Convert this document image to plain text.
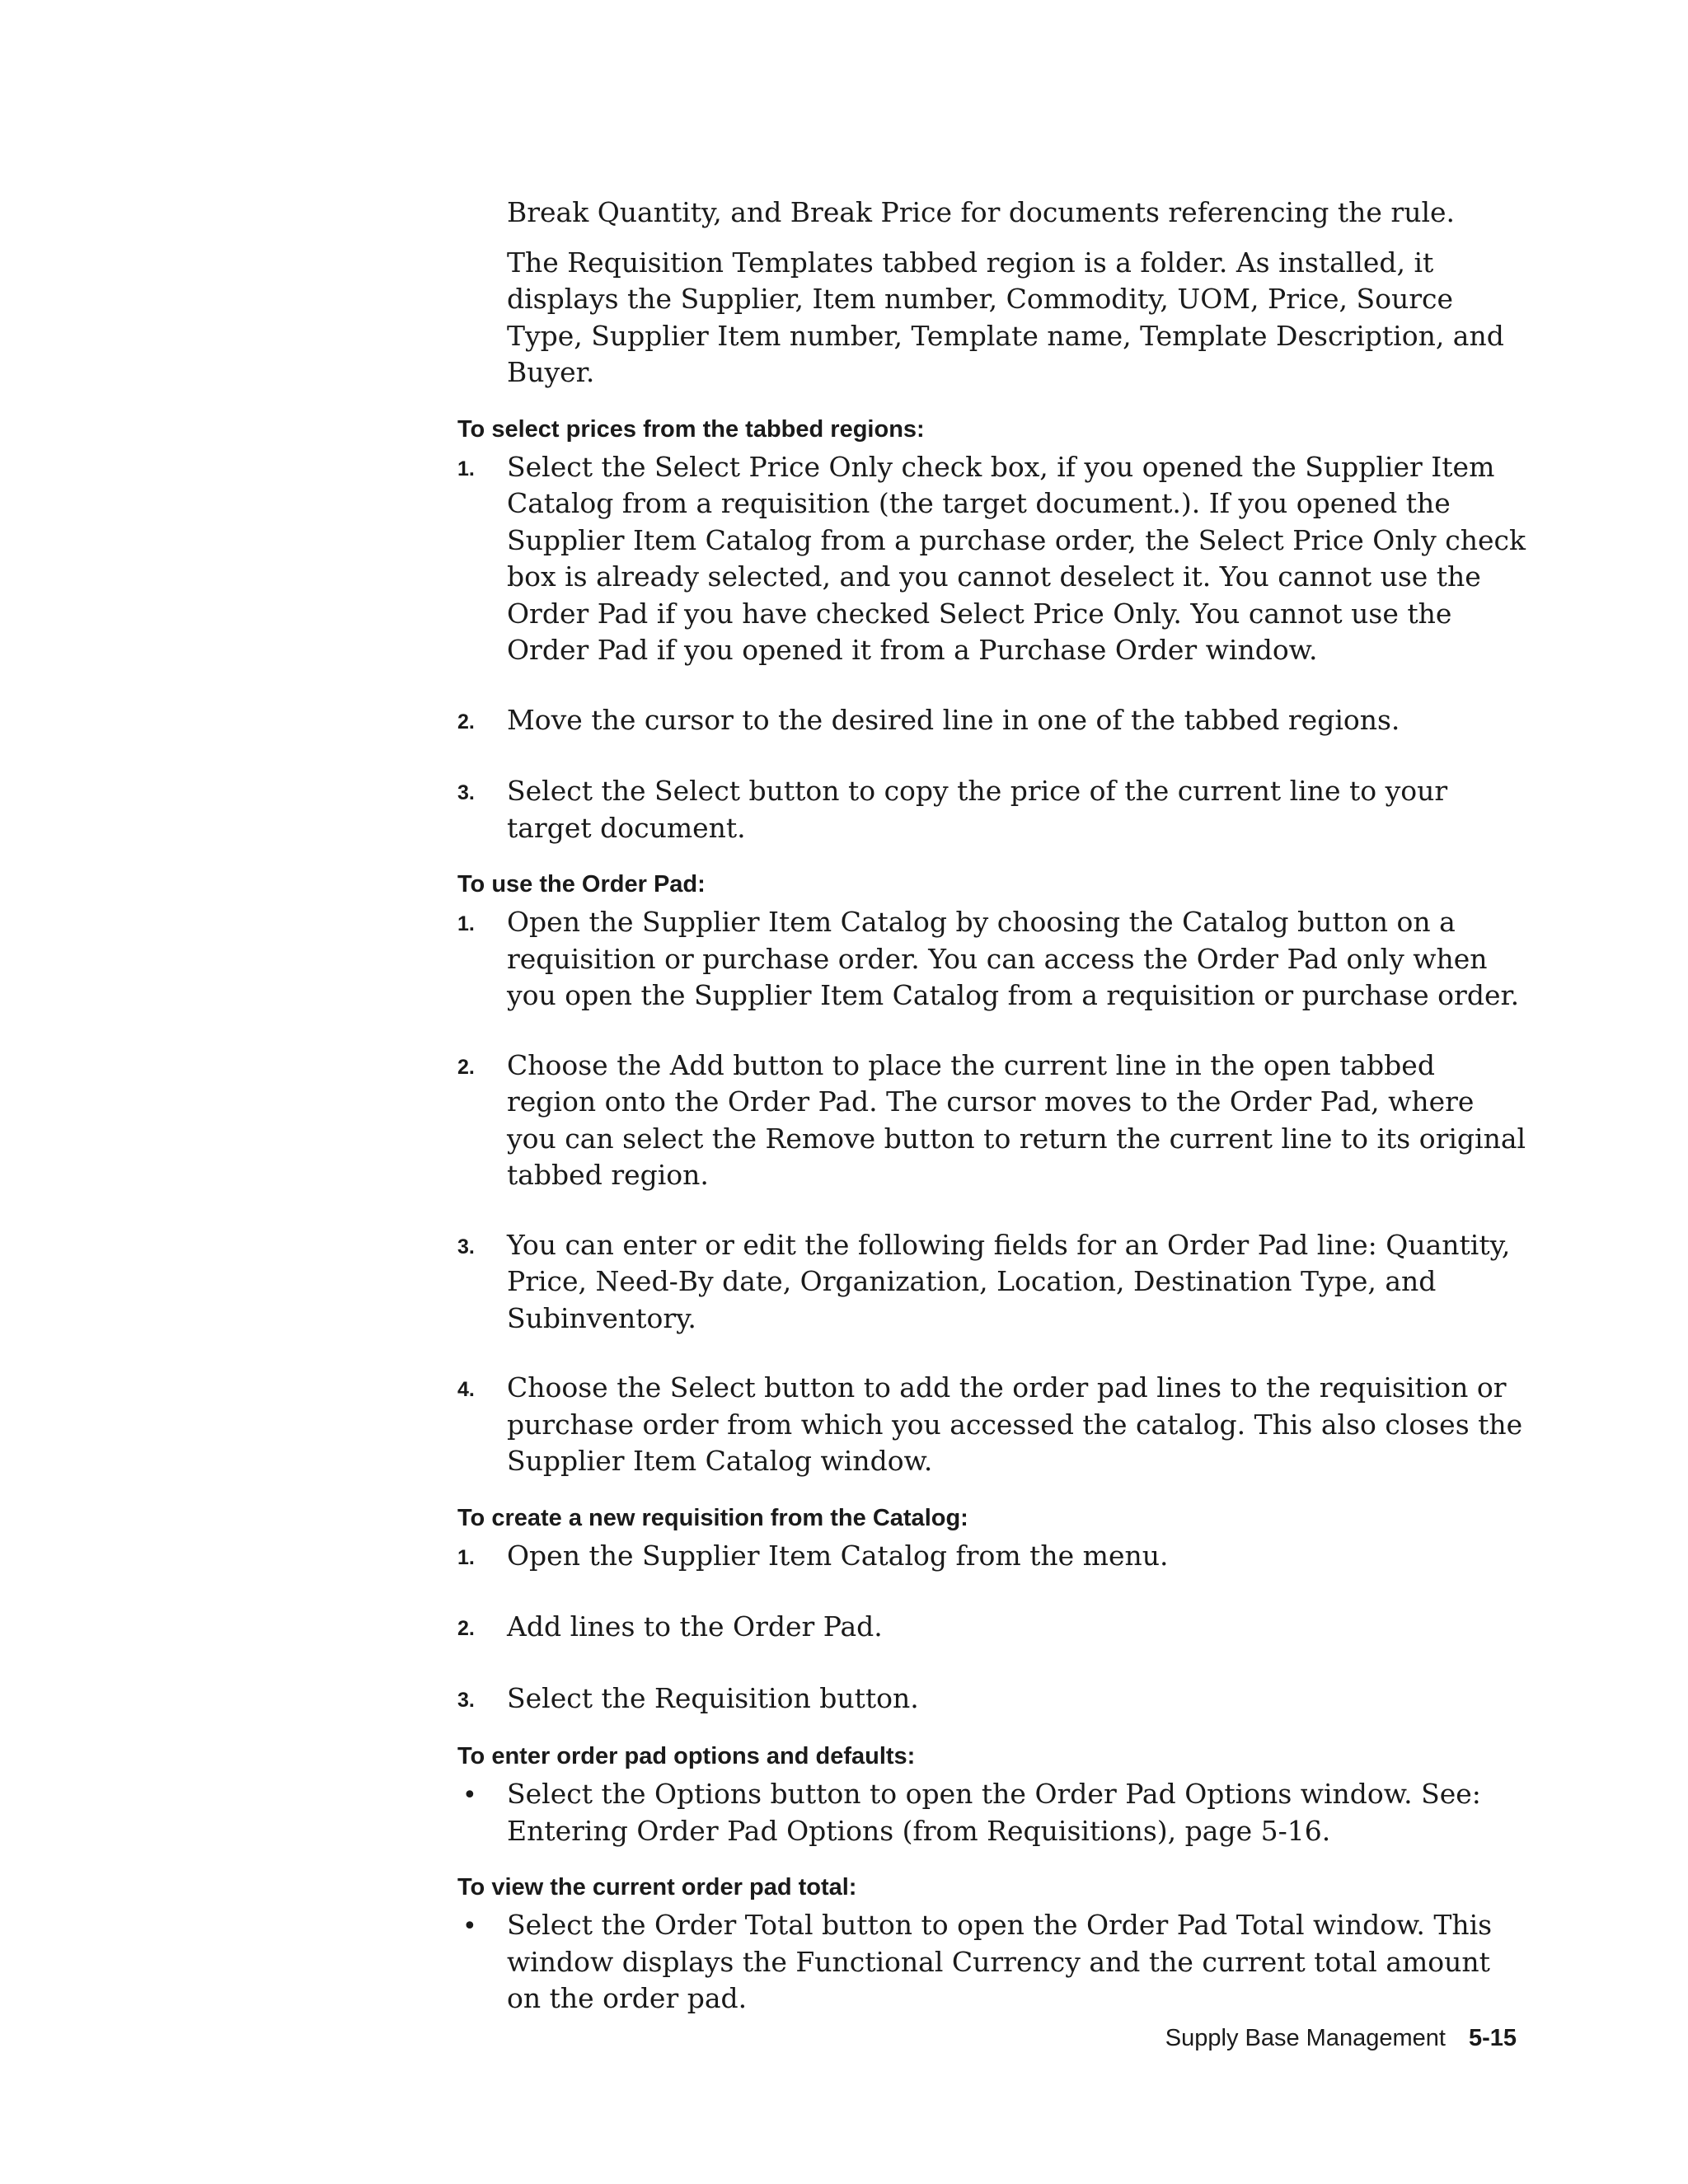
Break Quantity, and Break Price for documents referencing the rule.

The Requisition Templates tabbed region is a folder. As installed, it displays the Supplier, Item number, Commodity, UOM, Price, Source Type, Supplier Item number, Template name, Template Description, and Buyer.

To select prices from the tabbed regions:
1.	Select the Select Price Only check box, if you opened the Supplier Item Catalog from a requisition (the target document.). If you opened the Supplier Item Catalog from a purchase order, the Select Price Only check box is already selected, and you cannot deselect it. You cannot use the Order Pad if you have checked Select Price Only. You cannot use the Order Pad if you opened it from a Purchase Order window.
2.	Move the cursor to the desired line in one of the tabbed regions.
3.	Select the Select button to copy the price of the current line to your target document.
To use the Order Pad:
1.	Open the Supplier Item Catalog by choosing the Catalog button on a requisition or purchase order. You can access the Order Pad only when you open the Supplier Item Catalog from a requisition or purchase order.
2.	Choose the Add button to place the current line in the open tabbed region onto the Order Pad. The cursor moves to the Order Pad, where you can select the Remove button to return the current line to its original tabbed region.
3.	You can enter or edit the following fields for an Order Pad line: Quantity, Price, Need-By date, Organization, Location, Destination Type, and Subinventory.
4.	Choose the Select button to add the order pad lines to the requisition or purchase order from which you accessed the catalog. This also closes the Supplier Item Catalog window.
To create a new requisition from the Catalog:
1.	Open the Supplier Item Catalog from the menu.
2.	Add lines to the Order Pad.
3.	Select the Requisition button.
To enter order pad options and defaults:
•	Select the Options button to open the Order Pad Options window. See: Entering Order Pad Options (from Requisitions), page 5-16.
To view the current order pad total:
•	Select the Order Total button to open the Order Pad Total window. This window displays the Functional Currency and the current total amount on the order pad.
Supply Base Management 5-15
